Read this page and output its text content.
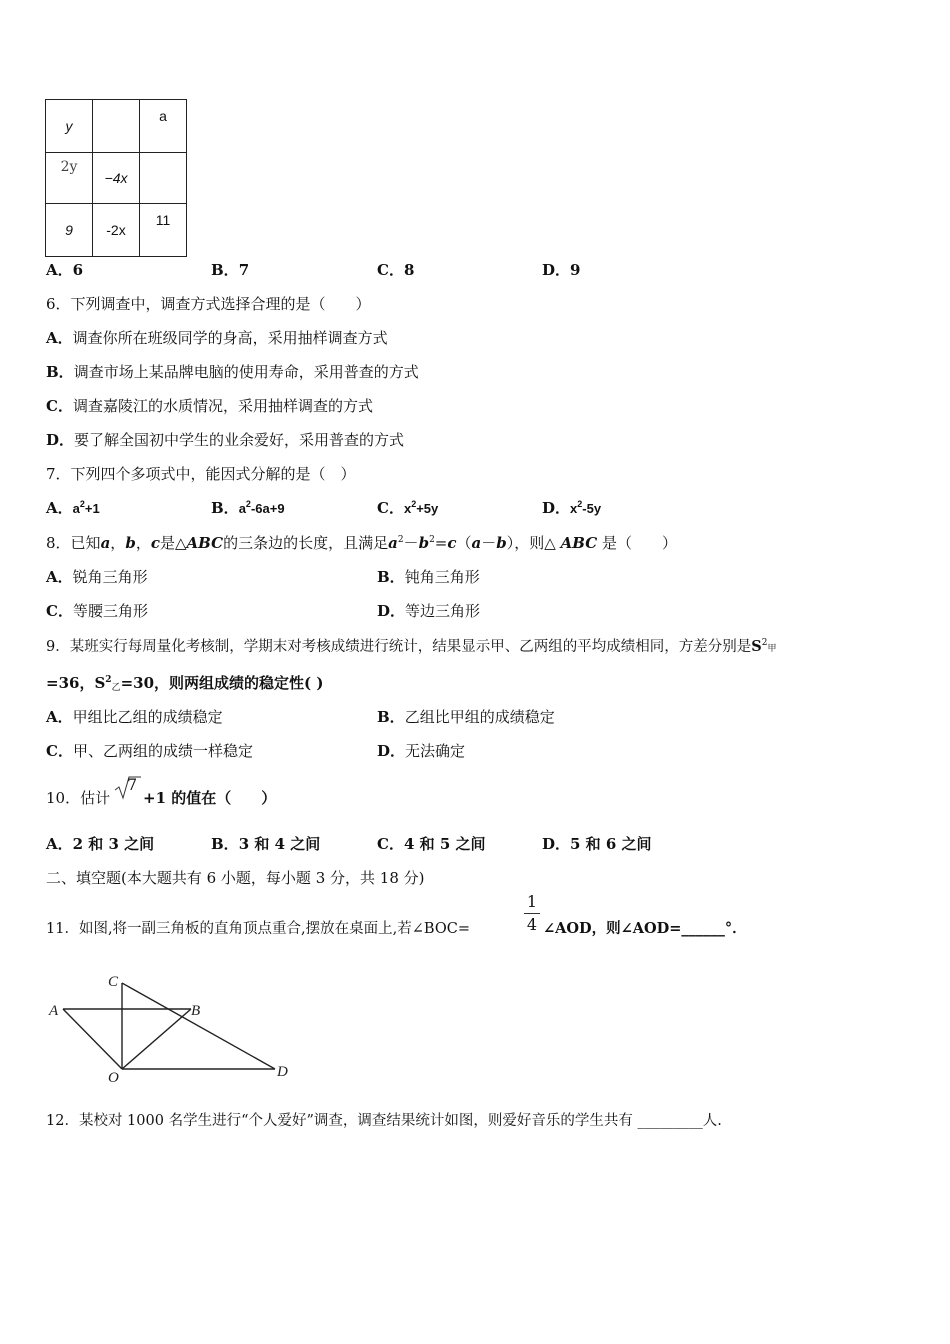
y		a
2y	−4x	
9	-2x	11
A．6	B．7	C．8	D．9
6．下列调查中，调查方式选择合理的是（　　）
A．调查你所在班级同学的身高，采用抽样调查方式
B．调查市场上某品牌电脑的使用寿命，采用普查的方式
C．调查嘉陵江的水质情况，采用抽样调查的方式
D．要了解全国初中学生的业余爱好，采用普查的方式
7．下列四个多项式中，能因式分解的是（　）
A．$a^2+1$	B．$a^2-6a+9$	C．$x^2+5y$	D．$x^2-5y$
8．已知a，b，c是△ABC的三条边的长度，且满足$a^2-b^2=c(a-b)$，则△ ABC 是（　　）
A．锐角三角形	B．钝角三角形
C．等腰三角形	D．等边三角形
9．某班实行每周量化考核制，学期末对考核成绩进行统计，结果显示甲、乙两组的平均成绩相同，方差分别是$S^2$甲
=36，$S^2_乙=30$，则两组成绩的稳定性( )
A．甲组比乙组的成绩稳定	B．乙组比甲组的成绩稳定
C．甲、乙两组的成绩一样稳定	D．无法确定
10．估计
7
+1 的值在（　　）
A．2 和 3 之间	B．3 和 4 之间	C．4 和 5 之间	D．5 和 6 之间
二、填空题(本大题共有 6 小题，每小题 3 分，共 18 分)
11．如图,将一副三角板的直角顶点重合,摆放在桌面上,若∠BOC=
1
4 ∠AOD，则∠AOD=______°．
A	B
C
D
O
12．某校对 1000 名学生进行“个人爱好”调查，调查结果统计如图，则爱好音乐的学生共有 _________人.
